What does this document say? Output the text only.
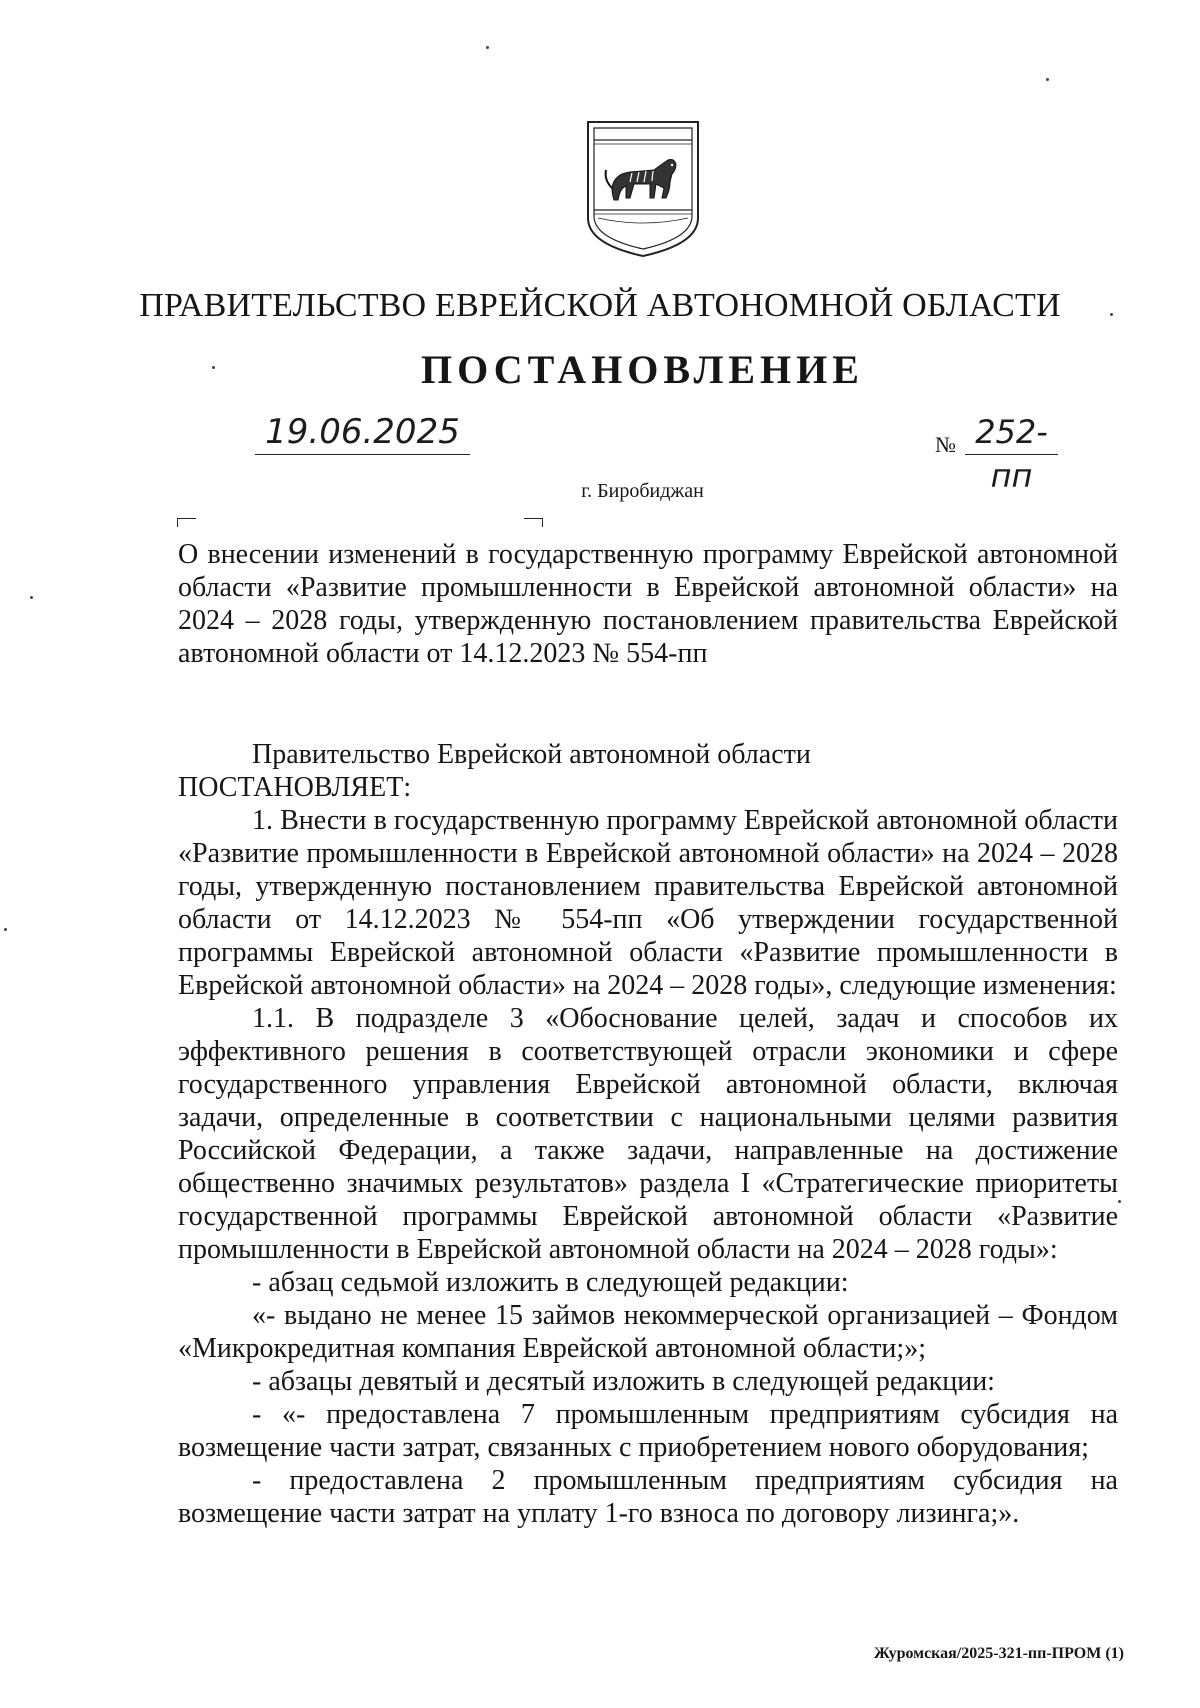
ПРАВИТЕЛЬСТВО ЕВРЕЙСКОЙ АВТОНОМНОЙ ОБЛАСТИ
ПОСТАНОВЛЕНИЕ
19.06.2025	№ 252-пп
г. Биробиджан
О внесении изменений в государственную программу Еврейской автономной области «Развитие промышленности в Еврейской автономной области» на 2024 – 2028 годы, утвержденную постановлением правительства Еврейской автономной области от 14.12.2023 № 554-пп

Правительство Еврейской автономной области

ПОСТАНОВЛЯЕТ:

1. Внести в государственную программу Еврейской автономной области «Развитие промышленности в Еврейской автономной области» на 2024 – 2028 годы, утвержденную постановлением правительства Еврейской автономной области от 14.12.2023 № 554-пп «Об утверждении государственной программы Еврейской автономной области «Развитие промышленности в Еврейской автономной области» на 2024 – 2028 годы», следующие изменения:

1.1. В подразделе 3 «Обоснование целей, задач и способов их эффективного решения в соответствующей отрасли экономики и сфере государственного управления Еврейской автономной области, включая задачи, определенные в соответствии с национальными целями развития Российской Федерации, а также задачи, направленные на достижение общественно значимых результатов» раздела I «Стратегические приоритеты государственной программы Еврейской автономной области «Развитие промышленности в Еврейской автономной области на 2024 – 2028 годы»:

- абзац седьмой изложить в следующей редакции:

«- выдано не менее 15 займов некоммерческой организацией – Фондом «Микрокредитная компания Еврейской автономной области;»;

- абзацы девятый и десятый изложить в следующей редакции:

- «- предоставлена 7 промышленным предприятиям субсидия на возмещение части затрат, связанных с приобретением нового оборудования;

- предоставлена 2 промышленным предприятиям субсидия на возмещение части затрат на уплату 1-го взноса по договору лизинга;».

Журомская/2025-321-пп-ПРОМ (1)
